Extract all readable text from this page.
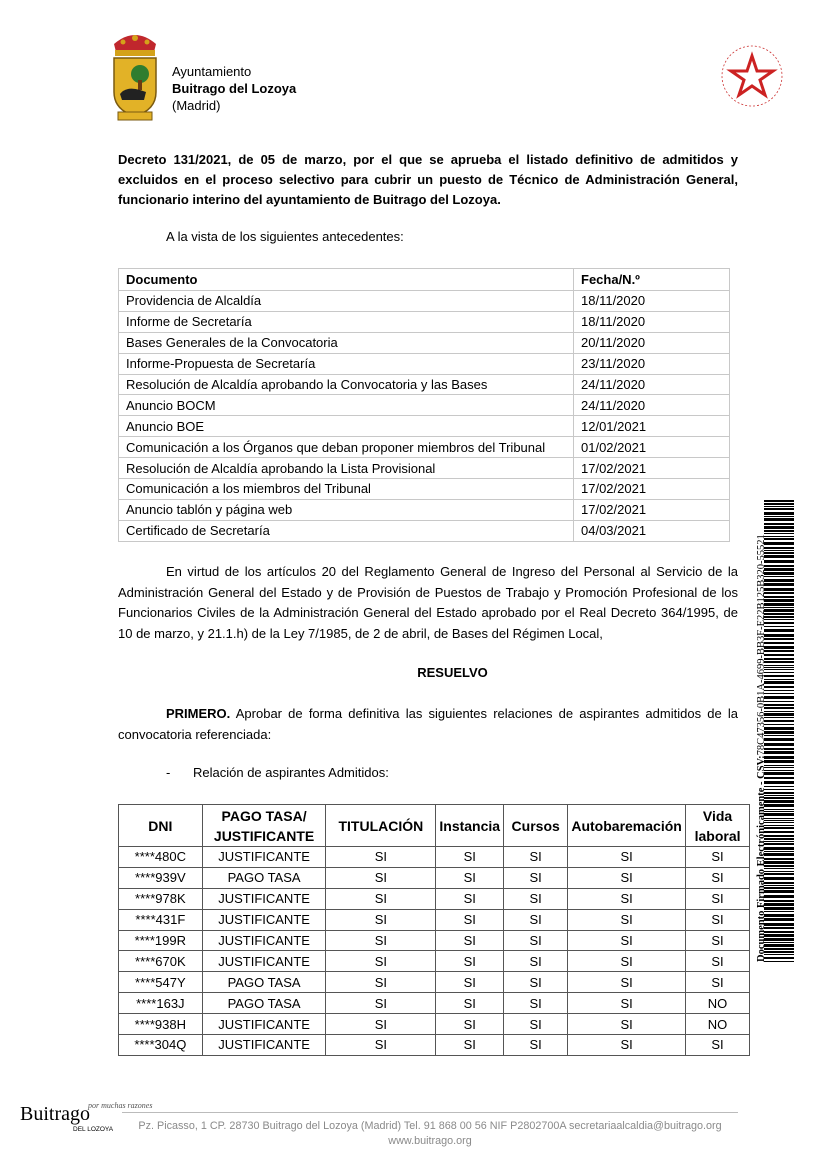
Ayuntamiento
Buitrago del Lozoya
(Madrid)
Decreto 131/2021, de 05 de marzo, por el que se aprueba el listado definitivo de admitidos y excluidos en el proceso selectivo para cubrir un puesto de Técnico de Administración General, funcionario interino del ayuntamiento de Buitrago del Lozoya.
A la vista de los siguientes antecedentes:
Documento	Fecha/N.º
Providencia de Alcaldía	18/11/2020
Informe de Secretaría	18/11/2020
Bases Generales de la Convocatoria	20/11/2020
Informe-Propuesta de Secretaría	23/11/2020
Resolución de Alcaldía aprobando la Convocatoria y las Bases	24/11/2020
Anuncio BOCM	24/11/2020
Anuncio BOE	12/01/2021
Comunicación a los Órganos que deban proponer miembros del Tribunal	01/02/2021
Resolución de Alcaldía aprobando la Lista Provisional	17/02/2021
Comunicación a los miembros del Tribunal	17/02/2021
Anuncio tablón y página web	17/02/2021
Certificado de Secretaría	04/03/2021
En virtud de los artículos 20 del Reglamento General de Ingreso del Personal al Servicio de la Administración General del Estado y de Provisión de Puestos de Trabajo y Promoción Profesional de los Funcionarios Civiles de la Administración General del Estado aprobado por el Real Decreto 364/1995, de 10 de marzo, y 21.1.h) de la Ley 7/1985, de 2 de abril, de Bases del Régimen Local,
RESUELVO
PRIMERO. Aprobar de forma definitiva las siguientes relaciones de aspirantes admitidos de la convocatoria referenciada:
- Relación de aspirantes Admitidos:
DNI	PAGO TASA/ JUSTIFICANTE	TITULACIÓN	Instancia	Cursos	Autobaremación	Vida laboral
****480C	JUSTIFICANTE	SI	SI	SI	SI	SI
****939V	PAGO TASA	SI	SI	SI	SI	SI
****978K	JUSTIFICANTE	SI	SI	SI	SI	SI
****431F	JUSTIFICANTE	SI	SI	SI	SI	SI
****199R	JUSTIFICANTE	SI	SI	SI	SI	SI
****670K	JUSTIFICANTE	SI	SI	SI	SI	SI
****547Y	PAGO TASA	SI	SI	SI	SI	SI
****163J	PAGO TASA	SI	SI	SI	SI	NO
****938H	JUSTIFICANTE	SI	SI	SI	SI	NO
****304Q	JUSTIFICANTE	SI	SI	SI	SI	SI
Documento Firmado Electrónicamente - CSV:78C47356-0B1A-4699-BB3F-E22B125B320-55521
Buitrago
DEL LOZOYA
por muchas razones
Pz. Picasso, 1 CP. 28730 Buitrago del Lozoya (Madrid) Tel. 91 868 00 56 NIF P2802700A secretariaalcaldia@buitrago.org
www.buitrago.org
